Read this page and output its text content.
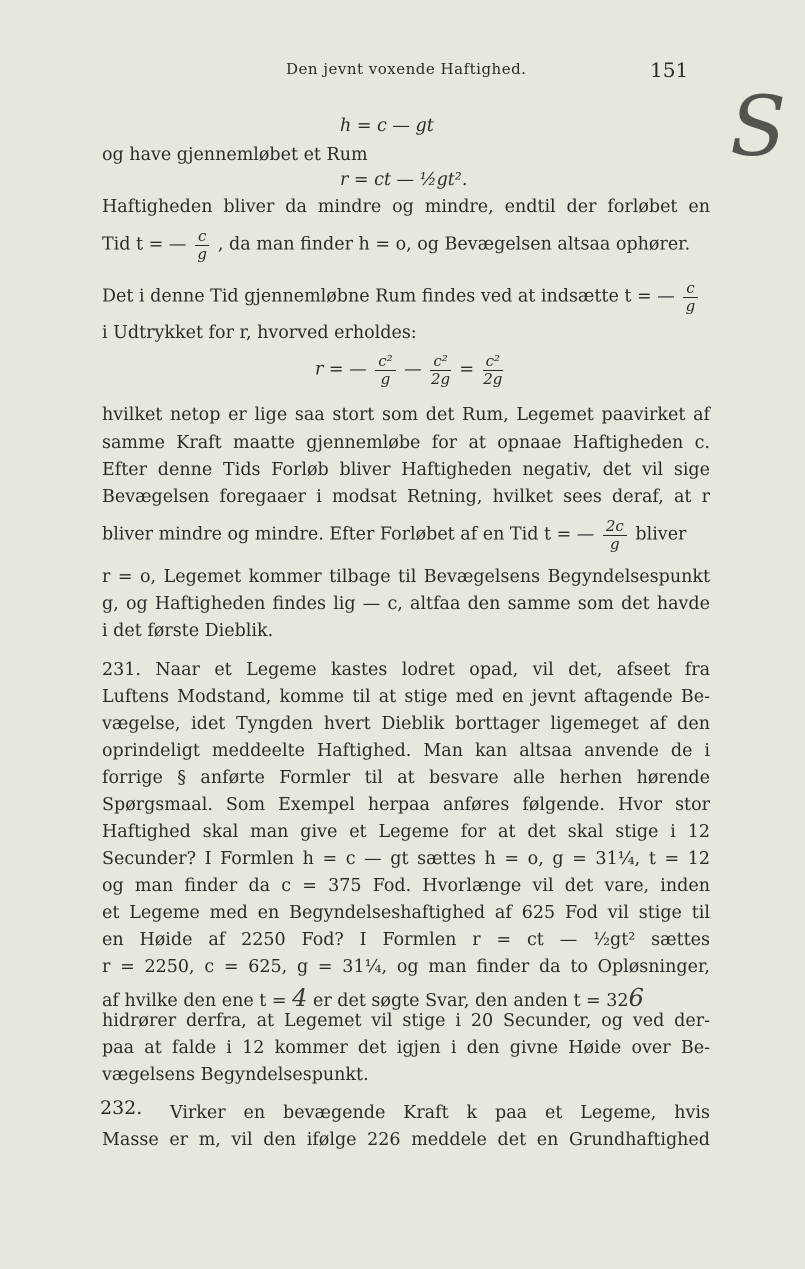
Den jevnt voxende Haftighed.	151
S
h = c — gt
og have gjennemløbet et Rum
r = ct — ½gt².
Haftigheden bliver da mindre og mindre, endtil der forløbet en
Tid t = — $\frac{c}{g}$ , da man finder h = o, og Bevægelsen altsaa ophører.
Det i denne Tid gjennemløbne Rum findes ved at indsætte t = — $\frac{c}{g}$
i Udtrykket for r, hvorved erholdes:
r = — $\frac{\text{c²}}{g}$ — $\frac{\text{c²}}{2g} = \frac{\text{c²}}{2g}$
hvilket netop er lige saa stort som det Rum, Legemet paavirket af
samme Kraft maatte gjennemløbe for at opnaae Haftigheden c.
Efter denne Tids Forløb bliver Haftigheden negativ, det vil sige
Bevægelsen foregaaer i modsat Retning, hvilket sees deraf, at r
bliver mindre og mindre. Efter Forløbet af en Tid t = — $\frac{2c}{g}$ bliver
r = o, Legemet kommer tilbage til Bevægelsens Begyndelsespunkt
g, og Haftigheden findes lig — c, altfaa den samme som det havde
i det første Dieblik.
231. Naar et Legeme kastes lodret opad, vil det, afseet fra
Luftens Modstand, komme til at stige med en jevnt aftagende Be-
vægelse, idet Tyngden hvert Dieblik borttager ligemeget af den
oprindeligt meddeelte Haftighed. Man kan altsaa anvende de i
forrige § anførte Formler til at besvare alle herhen hørende
Spørgsmaal. Som Exempel herpaa anføres følgende. Hvor stor
Haftighed skal man give et Legeme for at det skal stige i 12
Secunder? I Formlen h = c — gt sættes h = o, g = 31¼, t = 12
og man finder da c = 375 Fod. Hvorlænge vil det vare, inden
et Legeme med en Begyndelseshaftighed af 625 Fod vil stige til
en Høide af 2250 Fod? I Formlen r = ct — ½gt² sættes
r = 2250, c = 625, g = 31¼, og man finder da to Opløsninger,
af hvilke den ene t = 4 er det søgte Svar, den anden t = 326
hidrører derfra, at Legemet vil stige i 20 Secunder, og ved der-
paa at falde i 12 kommer det igjen i den givne Høide over Be-
vægelsens Begyndelsespunkt.
232. Virker en bevægende Kraft k paa et Legeme, hvis
Masse er m, vil den ifølge 226 meddele det en Grundhaftighed
